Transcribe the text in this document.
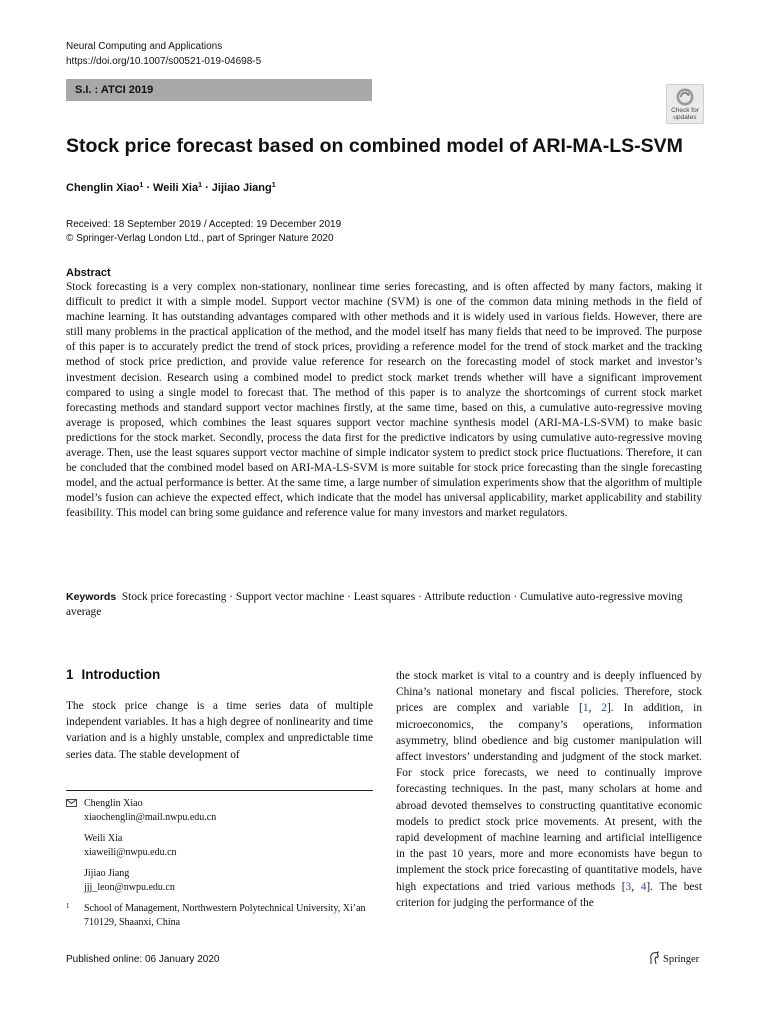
Neural Computing and Applications
https://doi.org/10.1007/s00521-019-04698-5
S.I. : ATCI 2019
Check for
updates
Stock price forecast based on combined model of ARI-MA-LS-SVM
Chenglin Xiao$^1$ · Weili Xia$^1$ · Jijiao Jiang$^1$
Received: 18 September 2019 / Accepted: 19 December 2019
© Springer-Verlag London Ltd., part of Springer Nature 2020
Abstract

Stock forecasting is a very complex non-stationary, nonlinear time series forecasting, and is often affected by many factors, making it difficult to predict it with a simple model. Support vector machine (SVM) is one of the common data mining methods in the field of machine learning. It has outstanding advantages compared with other methods and it is widely used in various fields. However, there are still many problems in the practical application of the method, and the model itself has many fields that need to be improved. The purpose of this paper is to accurately predict the trend of stock prices, providing a reference model for the trend of stock market and the tracking method of stock price prediction, and provide value reference for research on the forecasting model of stock market and investor’s investment decision. Research using a combined model to predict stock market trends whether will have a significant improvement compared to using a single model to forecast that. The method of this paper is to analyze the shortcomings of current stock market forecasting methods and standard support vector machines firstly, at the same time, based on this, a cumulative auto-regressive moving average is proposed, which combines the least squares support vector machine synthesis model (ARI-MA-LS-SVM) to make basic predictions for the stock market. Secondly, process the data first for the predictive indicators by using cumulative auto-regressive moving average. Then, use the least squares support vector machine of simple indicator system to predict stock price fluctuations. Therefore, it can be concluded that the combined model based on ARI-MA-LS-SVM is more suitable for stock price forecasting than the single forecasting model, and the actual performance is better. At the same time, a large number of simulation experiments show that the algorithm of multiple model’s fusion can achieve the expected effect, which indicate that the model has universal applicability, market applicability and stability feasibility. This model can bring some guidance and reference value for many investors and market regulators.

Keywords Stock price forecasting · Support vector machine · Least squares · Attribute reduction · Cumulative auto-regressive moving average

1 Introduction

The stock price change is a time series data of multiple independent variables. It has a high degree of nonlinearity and time variation and is a highly unstable, complex and unpredictable time series data. The stable development of

Chenglin Xiao
xiaochenglin@mail.nwpu.edu.cn
Weili Xia
xiaweili@nwpu.edu.cn
Jijiao Jiang
jjj_leon@nwpu.edu.cn
1 School of Management, Northwestern Polytechnical University, Xi’an 710129, Shaanxi, China

the stock market is vital to a country and is deeply influenced by China’s national monetary and fiscal policies. Therefore, stock prices are complex and variable [1, 2]. In addition, in microeconomics, the company’s operations, information asymmetry, blind obedience and big customer manipulation will affect investors’ understanding and judgment of the stock market. For stock price forecasts, we need to continually improve forecasting techniques. In the past, many scholars at home and abroad devoted themselves to constructing quantitative economic models to predict stock price movements. At present, with the rapid development of machine learning and artificial intelligence in the past 10 years, more and more economists have begun to implement the stock price forecasting of quantitative models, have high expectations and tried various methods [3, 4]. The best criterion for judging the performance of the

Published online: 06 January 2020	Springer
